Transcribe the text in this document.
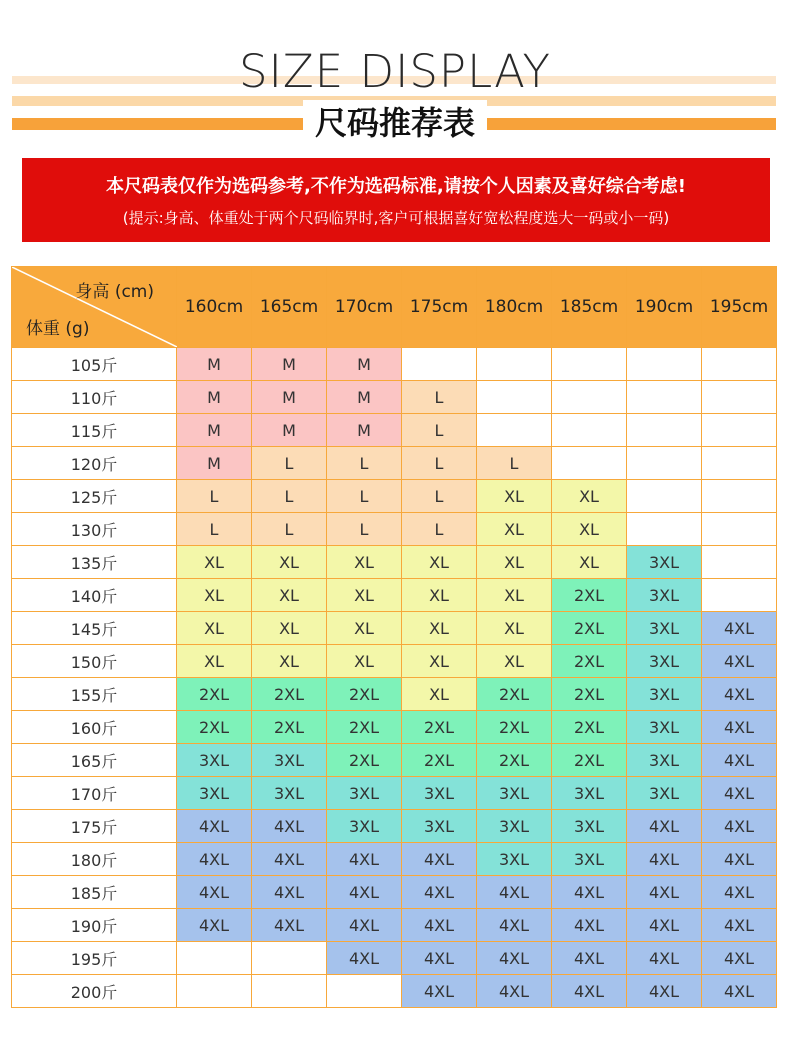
SIZE DISPLAY
尺码推荐表
本尺码表仅作为选码参考,不作为选码标准,请按个人因素及喜好综合考虑!
(提示:身高、体重处于两个尺码临界时,客户可根据喜好宽松程度选大一码或小一码)
身高 (cm)
体重 (g)	160cm	165cm	170cm	175cm	180cm	185cm	190cm	195cm
105斤	M	M	M					
110斤	M	M	M	L				
115斤	M	M	M	L				
120斤	M	L	L	L	L			
125斤	L	L	L	L	XL	XL		
130斤	L	L	L	L	XL	XL		
135斤	XL	XL	XL	XL	XL	XL	3XL	
140斤	XL	XL	XL	XL	XL	2XL	3XL	
145斤	XL	XL	XL	XL	XL	2XL	3XL	4XL
150斤	XL	XL	XL	XL	XL	2XL	3XL	4XL
155斤	2XL	2XL	2XL	XL	2XL	2XL	3XL	4XL
160斤	2XL	2XL	2XL	2XL	2XL	2XL	3XL	4XL
165斤	3XL	3XL	2XL	2XL	2XL	2XL	3XL	4XL
170斤	3XL	3XL	3XL	3XL	3XL	3XL	3XL	4XL
175斤	4XL	4XL	3XL	3XL	3XL	3XL	4XL	4XL
180斤	4XL	4XL	4XL	4XL	3XL	3XL	4XL	4XL
185斤	4XL	4XL	4XL	4XL	4XL	4XL	4XL	4XL
190斤	4XL	4XL	4XL	4XL	4XL	4XL	4XL	4XL
195斤			4XL	4XL	4XL	4XL	4XL	4XL
200斤				4XL	4XL	4XL	4XL	4XL
